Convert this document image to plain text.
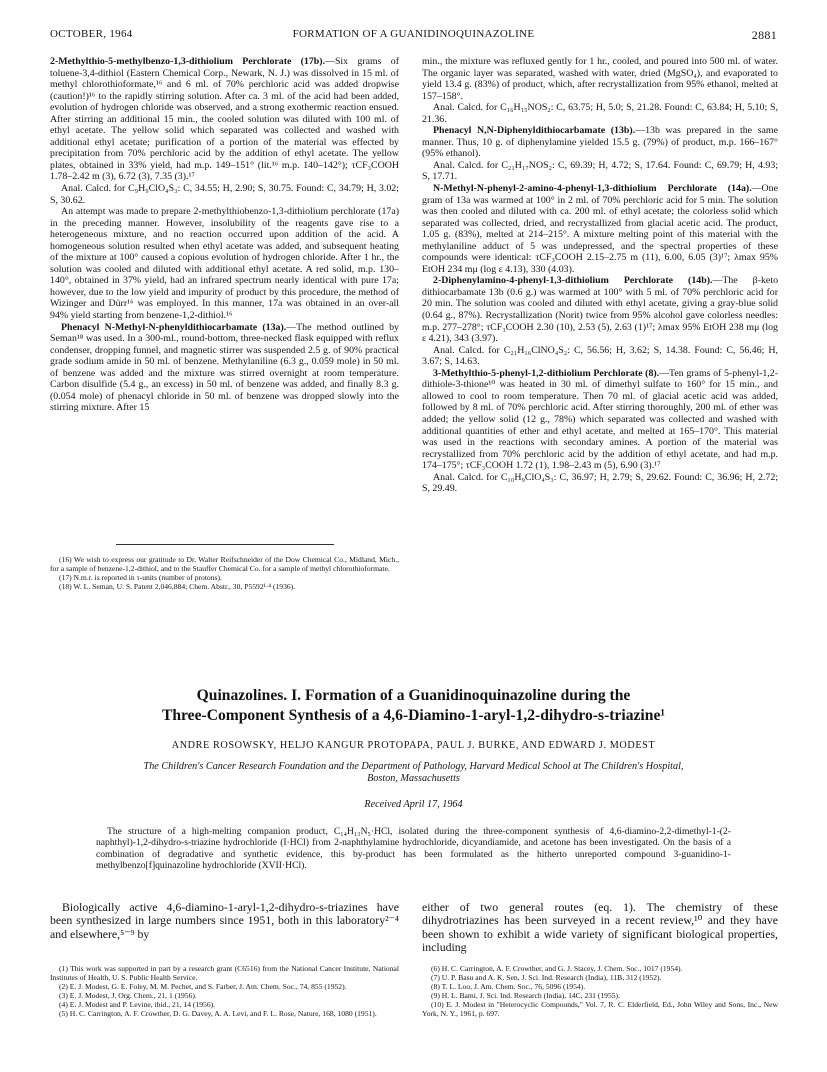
OCTOBER, 1964	FORMATION OF A GUANIDINOQUINAZOLINE	2881

2-Methylthio-5-methylbenzo-1,3-dithiolium Perchlorate (17b).—Six grams of toluene-3,4-dithiol (Eastern Chemical Corp., Newark, N. J.) was dissolved in 15 ml. of methyl chlorothioformate,¹⁶ and 6 ml. of 70% perchloric acid was added dropwise (caution!)¹⁶ to the rapidly stirring solution. After ca. 3 ml. of the acid had been added, evolution of hydrogen chloride was observed, and a strong exothermic reaction ensued. After stirring an additional 15 min., the cooled solution was diluted with 100 ml. of ethyl acetate. The yellow solid which separated was collected and washed with additional ethyl acetate; purification of a portion of the material was effected by precipitation from 70% perchloric acid by the addition of ethyl acetate. The yellow plates, obtained in 33% yield, had m.p. 149–151° (lit.¹⁶ m.p. 140–142°); τCF₃COOH 1.78–2.42 m (3), 6.72 (3), 7.35 (3).¹⁷

Anal. Calcd. for C₉H₉ClO₄S₃: C, 34.55; H, 2.90; S, 30.75. Found: C, 34.79; H, 3.02; S, 30.62.

An attempt was made to prepare 2-methylthiobenzo-1,3-dithiolium perchlorate (17a) in the preceding manner. However, insolubility of the reagents gave rise to a heterogeneous mixture, and no reaction occurred upon addition of the acid. A homogeneous solution resulted when ethyl acetate was added, and subsequent heating of the mixture at 100° caused a copious evolution of hydrogen chloride. After 1 hr., the solution was cooled and diluted with additional ethyl acetate. A red solid, m.p. 130–140°, obtained in 37% yield, had an infrared spectrum nearly identical with pure 17a; however, due to the low yield and impurity of product by this procedure, the method of Wizinger and Dürr¹⁶ was employed. In this manner, 17a was obtained in an over-all 94% yield starting from benzene-1,2-dithiol.¹⁶

Phenacyl N-Methyl-N-phenyldithiocarbamate (13a).—The method outlined by Seman¹⁸ was used. In a 300-ml., round-bottom, three-necked flask equipped with reflux condenser, dropping funnel, and magnetic stirrer was suspended 2.5 g. of 90% practical grade sodium amide in 50 ml. of benzene. Methylaniline (6.3 g., 0.059 mole) in 50 ml. of benzene was added and the mixture was stirred overnight at room temperature. Carbon disulfide (5.4 g., an excess) in 50 ml. of benzene was added, and finally 8.3 g. (0.054 mole) of phenacyl chloride in 50 ml. of benzene was dropped slowly into the stirring mixture. After 15

(16) We wish to express our gratitude to Dr. Walter Reifschneider of the Dow Chemical Co., Midland, Mich., for a sample of benzene-1,2-dithiol, and to the Stauffer Chemical Co. for a sample of methyl chlorothioformate.

(17) N.m.r. is reported in τ-units (number of protons).

(18) W. L. Seman, U. S. Patent 2,046,884; Chem. Abstr., 30, P5592¹·⁴ (1936).

min., the mixture was refluxed gently for 1 hr., cooled, and poured into 500 ml. of water. The organic layer was separated, washed with water, dried (MgSO₄), and evaporated to yield 13.4 g. (83%) of product, which, after recrystallization from 95% ethanol, melted at 157–158°.

Anal. Calcd. for C₁₆H₁₅NOS₂: C, 63.75; H, 5.0; S, 21.28. Found: C, 63.84; H, 5.10; S, 21.36.

Phenacyl N,N-Diphenyldithiocarbamate (13b).—13b was prepared in the same manner. Thus, 10 g. of diphenylamine yielded 15.5 g. (79%) of product, m.p. 166–167° (95% ethanol).

Anal. Calcd. for C₂₁H₁₇NOS₂: C, 69.39; H, 4.72; S, 17.64. Found: C, 69.79; H, 4.93; S, 17.71.

N-Methyl-N-phenyl-2-amino-4-phenyl-1,3-dithiolium Perchlorate (14a).—One gram of 13a was warmed at 100° in 2 ml. of 70% perchloric acid for 5 min. The solution was then cooled and diluted with ca. 200 ml. of ethyl acetate; the colorless solid which separated was collected, dried, and recrystallized from glacial acetic acid. The product, 1.05 g. (83%), melted at 214–215°. A mixture melting point of this material with the methylaniline adduct of 5 was undepressed, and the spectral properties of these compounds were identical: τCF₃COOH 2.15–2.75 m (11), 6.00, 6.05 (3)¹⁷; λmax 95% EtOH 234 mμ (log ε 4.13), 330 (4.03).

2-Diphenylamino-4-phenyl-1,3-dithiolium Perchlorate (14b).—The β-keto dithiocarbamate 13b (0.6 g.) was warmed at 100° with 5 ml. of 70% perchloric acid for 20 min. The solution was cooled and diluted with ethyl acetate, giving a gray-blue solid (0.64 g., 87%). Recrystallization (Norit) twice from 95% alcohol gave colorless needles: m.p. 277–278°; τCF₃COOH 2.30 (10), 2.53 (5), 2.63 (1)¹⁷; λmax 95% EtOH 238 mμ (log ε 4.21), 343 (3.97).

Anal. Calcd. for C₂₁H₁₆ClNO₄S₂: C, 56.56; H, 3.62; S, 14.38. Found: C, 56.46; H, 3.67; S, 14.63.

3-Methylthio-5-phenyl-1,2-dithiolium Perchlorate (8).—Ten grams of 5-phenyl-1,2-dithiole-3-thione¹⁰ was heated in 30 ml. of dimethyl sulfate to 160° for 15 min., and allowed to cool to room temperature. Then 70 ml. of glacial acetic acid was added, followed by 8 ml. of 70% perchloric acid. After stirring thoroughly, 200 ml. of ether was added; the yellow solid (12 g., 78%) which separated was collected and washed with additional quantities of ether and ethyl acetate, and melted at 165–170°. This material was used in the reactions with secondary amines. A portion of the material was recrystallized from 70% perchloric acid by the addition of ethyl acetate, and had m.p. 174–175°; τCF₃COOH 1.72 (1), 1.98–2.43 m (5), 6.90 (3).¹⁷

Anal. Calcd. for C₁₀H₉ClO₄S₃: C, 36.97; H, 2.79; S, 29.62. Found: C, 36.96; H, 2.72; S, 29.49.

Quinazolines. I. Formation of a Guanidinoquinazoline during the
Three-Component Synthesis of a 4,6-Diamino-1-aryl-1,2-dihydro-s-triazine¹
ANDRE ROSOWSKY, HELJO KANGUR PROTOPAPA, PAUL J. BURKE, AND EDWARD J. MODEST
The Children's Cancer Research Foundation and the Department of Pathology, Harvard Medical School at The Children's Hospital,
Boston, Massachusetts
Received April 17, 1964
The structure of a high-melting companion product, C₁₄H₁₃N₅·HCl, isolated during the three-component synthesis of 4,6-diamino-2,2-dimethyl-1-(2-naphthyl)-1,2-dihydro-s-triazine hydrochloride (I·HCl) from 2-naphthylamine hydrochloride, dicyandiamide, and acetone has been investigated. On the basis of a combination of degradative and synthetic evidence, this by-product has been formulated as the hitherto unreported compound 3-guanidino-1-methylbenzo[f]quinazoline hydrochloride (XVII·HCl).
Biologically active 4,6-diamino-1-aryl-1,2-dihydro-s-triazines have been synthesized in large numbers since 1951, both in this laboratory²⁻⁴ and elsewhere,⁵⁻⁹ by
either of two general routes (eq. 1). The chemistry of these dihydrotriazines has been surveyed in a recent review,¹⁰ and they have been shown to exhibit a wide variety of significant biological properties, including

(1) This work was supported in part by a research grant (C6516) from the National Cancer Institute, National Institutes of Health, U. S. Public Health Service.

(2) E. J. Modest, G. E. Foley, M. M. Pechet, and S. Farber, J. Am. Chem. Soc., 74, 855 (1952).

(3) E. J. Modest, J. Org. Chem., 21, 1 (1956).

(4) E. J. Modest and P. Levine, ibid., 21, 14 (1956).

(5) H. C. Carrington, A. F. Crowther, D. G. Davey, A. A. Levi, and F. L. Rose, Nature, 168, 1080 (1951).

(6) H. C. Carrington, A. F. Crowther, and G. J. Stacey, J. Chem. Soc., 1017 (1954).

(7) U. P. Basu and A. K. Sen, J. Sci. Ind. Research (India), 11B, 312 (1952).

(8) T. L. Loo, J. Am. Chem. Soc., 76, 5096 (1954).

(9) H. L. Bami, J. Sci. Ind. Research (India), 14C, 231 (1955).

(10) E. J. Modest in "Heterocyclic Compounds," Vol. 7, R. C. Elderfield, Ed., John Wiley and Sons, Inc., New York, N. Y., 1961, p. 697.
